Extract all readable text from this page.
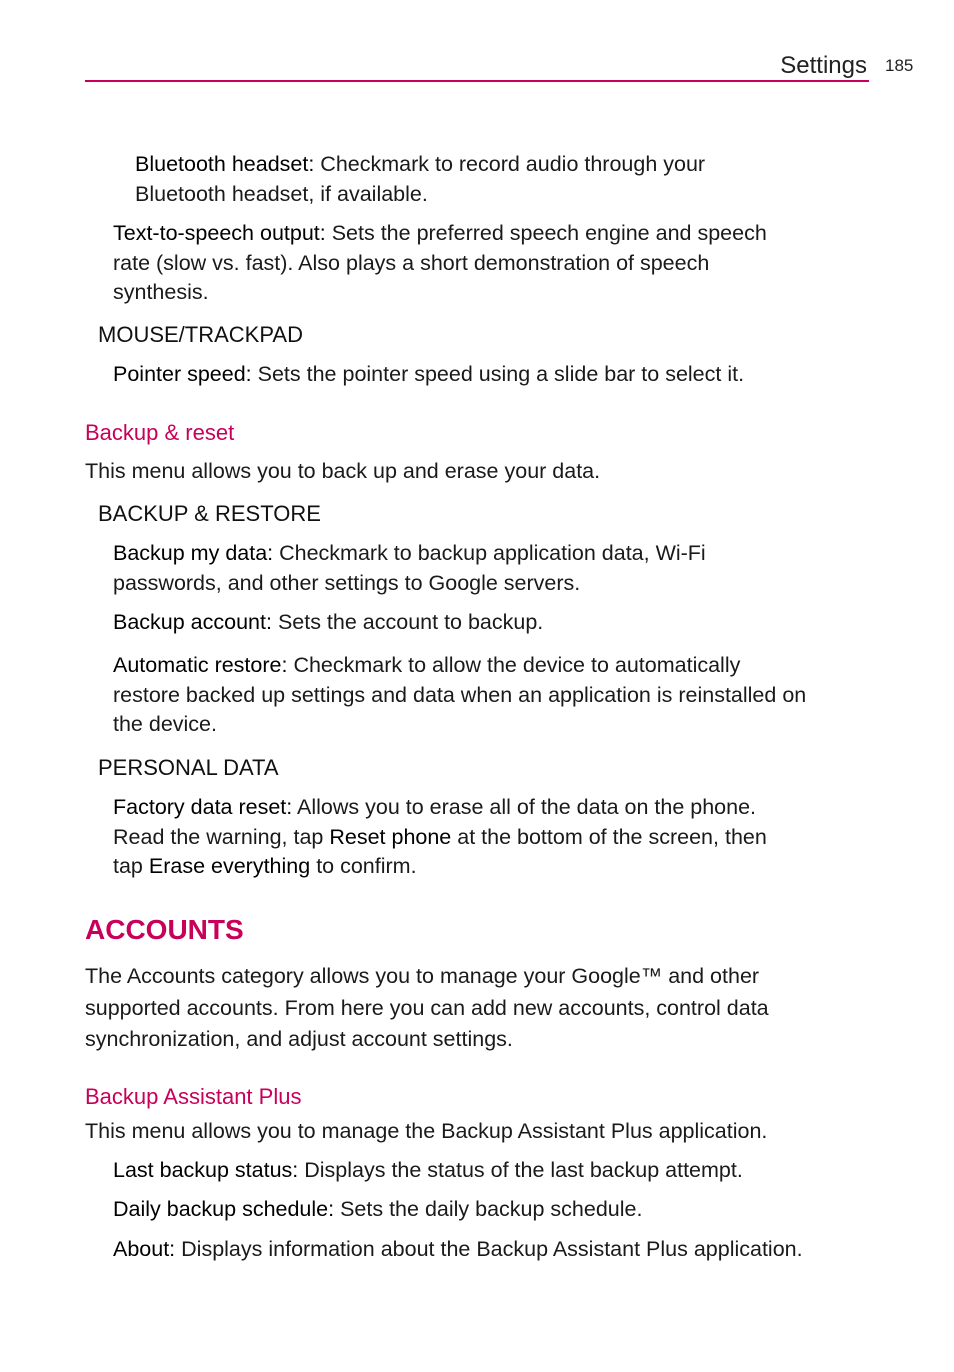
Settings 185
Bluetooth headset: Checkmark to record audio through your
Bluetooth headset, if available.
Text-to-speech output: Sets the preferred speech engine and speech
rate (slow vs. fast). Also plays a short demonstration of speech
synthesis.
MOUSE/TRACKPAD
Pointer speed: Sets the pointer speed using a slide bar to select it.
Backup & reset
This menu allows you to back up and erase your data.
BACKUP & RESTORE
Backup my data: Checkmark to backup application data, Wi-Fi
passwords, and other settings to Google servers.
Backup account: Sets the account to backup.
Automatic restore: Checkmark to allow the device to automatically
restore backed up settings and data when an application is reinstalled on
the device.
PERSONAL DATA
Factory data reset: Allows you to erase all of the data on the phone.
Read the warning, tap Reset phone at the bottom of the screen, then
tap Erase everything to confirm.
ACCOUNTS
The Accounts category allows you to manage your Google™ and other
supported accounts. From here you can add new accounts, control data
synchronization, and adjust account settings.
Backup Assistant Plus
This menu allows you to manage the Backup Assistant Plus application.
Last backup status: Displays the status of the last backup attempt.
Daily backup schedule: Sets the daily backup schedule.
About: Displays information about the Backup Assistant Plus application.
